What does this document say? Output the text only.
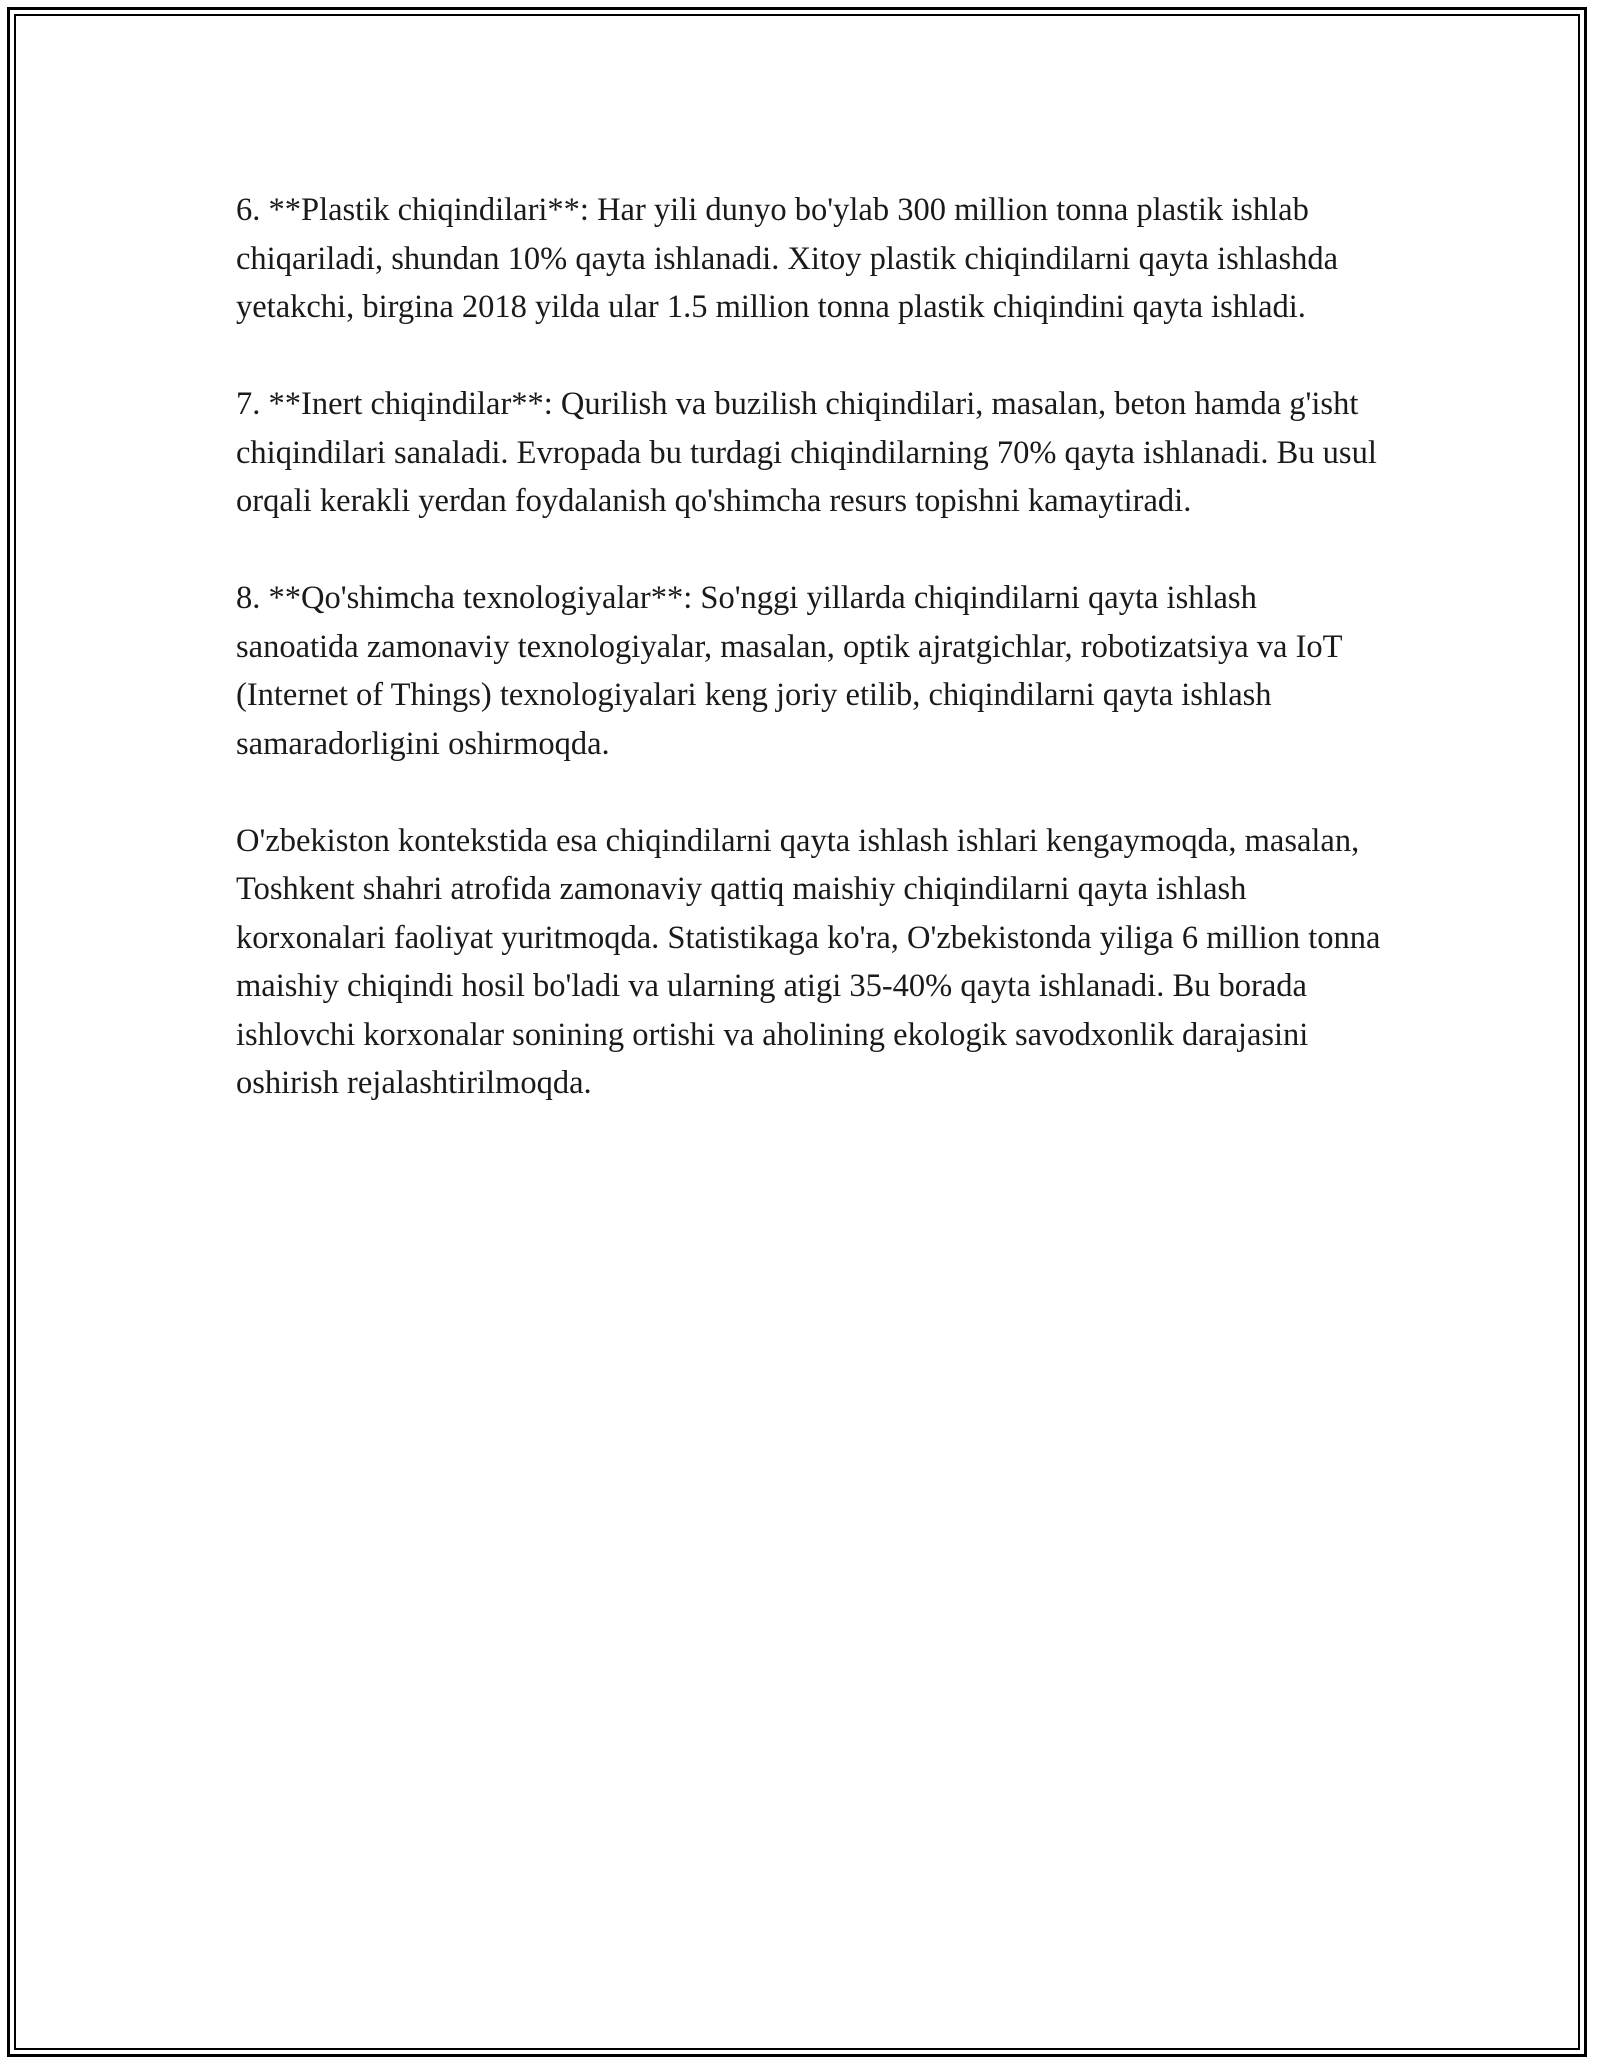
6. **Plastik chiqindilari**: Har yili dunyo bo'ylab 300 million tonna plastik ishlab chiqariladi, shundan 10% qayta ishlanadi. Xitoy plastik chiqindilarni qayta ishlashda yetakchi, birgina 2018 yilda ular 1.5 million tonna plastik chiqindini qayta ishladi.

7. **Inert chiqindilar**: Qurilish va buzilish chiqindilari, masalan, beton hamda g'isht chiqindilari sanaladi. Evropada bu turdagi chiqindilarning 70% qayta ishlanadi. Bu usul orqali kerakli yerdan foydalanish qo'shimcha resurs topishni kamaytiradi.

8. **Qo'shimcha texnologiyalar**: So'nggi yillarda chiqindilarni qayta ishlash sanoatida zamonaviy texnologiyalar, masalan, optik ajratgichlar, robotizatsiya va IoT (Internet of Things) texnologiyalari keng joriy etilib, chiqindilarni qayta ishlash samaradorligini oshirmoqda.

O'zbekiston kontekstida esa chiqindilarni qayta ishlash ishlari kengaymoqda, masalan, Toshkent shahri atrofida zamonaviy qattiq maishiy chiqindilarni qayta ishlash korxonalari faoliyat yuritmoqda. Statistikaga ko'ra, O'zbekistonda yiliga 6 million tonna maishiy chiqindi hosil bo'ladi va ularning atigi 35-40% qayta ishlanadi. Bu borada ishlovchi korxonalar sonining ortishi va aholining ekologik savodxonlik darajasini oshirish rejalashtirilmoqda.
